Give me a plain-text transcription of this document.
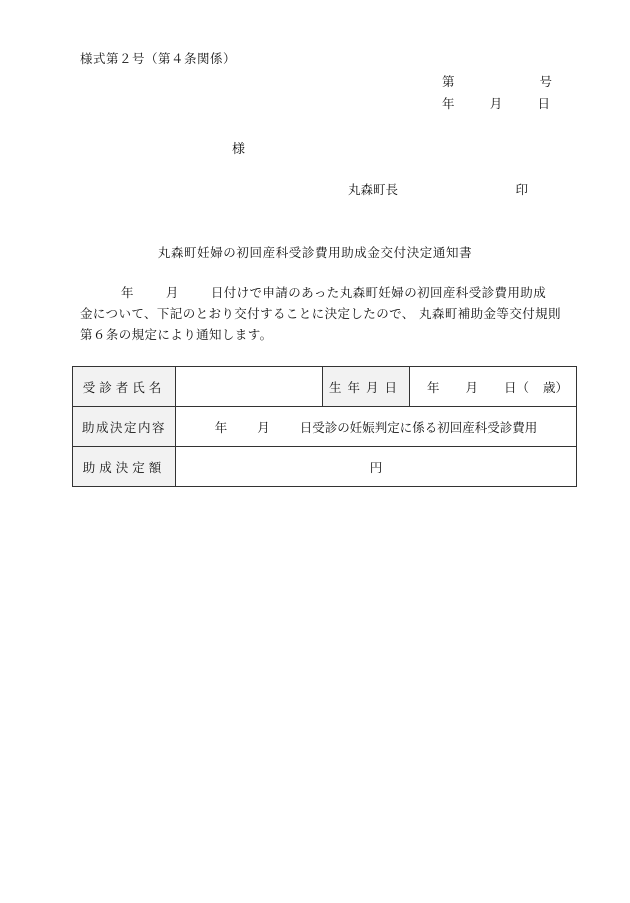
様式第２号（第４条関係）
第	号
年	月	日
様
丸森町長	印
丸森町妊婦の初回産科受診費用助成金交付決定通知書
年	月	日付けで申請のあった丸森町妊婦の初回産科受診費用助成
金について、下記のとおり交付することに決定したので、 丸森町補助金等交付規則
第６条の規定により通知します。
受診者氏名		生年月日	年 月 日（ 歳）
助成決定内容	年 月 日受診の妊娠判定に係る初回産科受診費用		
助成決定額	円		
